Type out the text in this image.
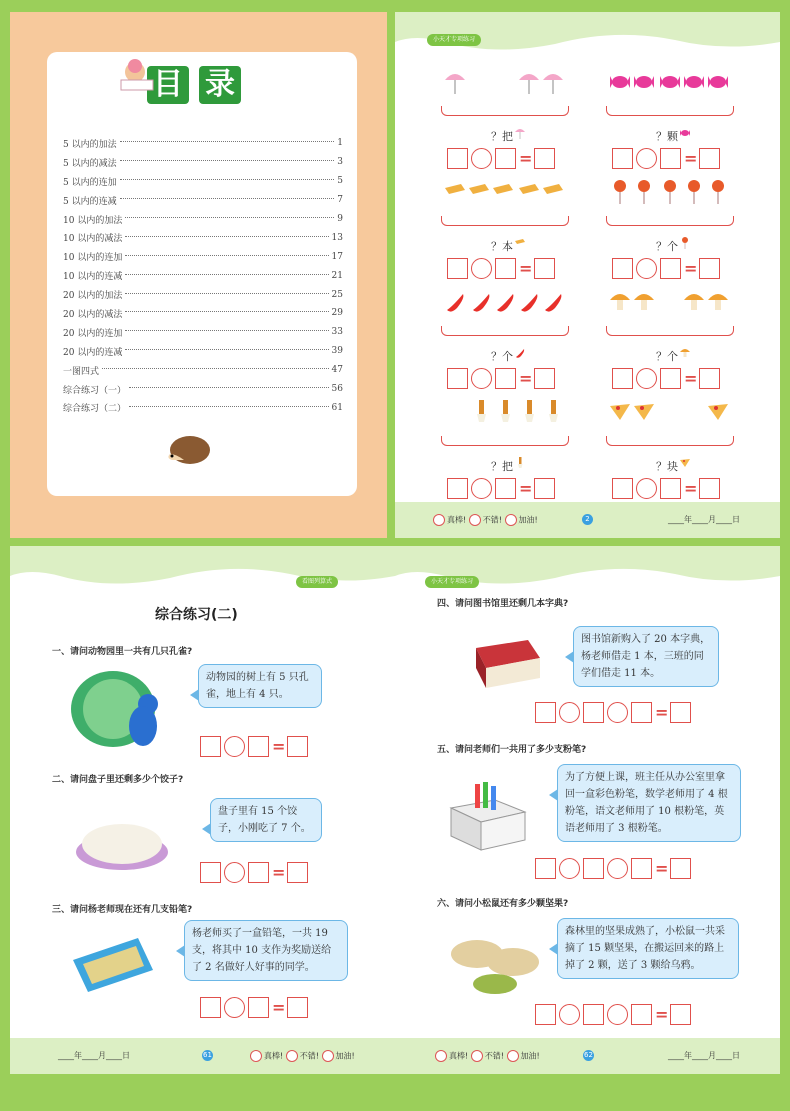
目 录
5 以内的加法	1
5 以内的减法	3
5 以内的连加	5
5 以内的连减	7
10 以内的加法	9
10 以内的减法	13
10 以内的连加	17
10 以内的连减	21
20 以内的加法	25
20 以内的减法	29
20 以内的连加	33
20 以内的连减	39
一图四式	47
综合练习（一）	56
综合练习（二）	61
小天才专项练习
？把
=
？颗
=
？本
=
？个
=
？个
=
？个
=
？把
=
？块
=
真棒! 不错! 加油!	2	____年____月____日
看图列算式
综合练习(二)
一、请问动物园里一共有几只孔雀?
动物园的树上有 5 只孔雀，地上有 4 只。
=
二、请问盘子里还剩多少个饺子?
盘子里有 15 个饺子，小刚吃了 7 个。
=
三、请问杨老师现在还有几支铅笔?
杨老师买了一盒铅笔，一共 19 支，将其中 10 支作为奖励送给了 2 名做好人好事的同学。
=
____年____月____日	61	真棒! 不错! 加油!
小天才专项练习
四、请问图书馆里还剩几本字典?
图书馆新购入了 20 本字典，杨老师借走 1 本，三班的同学们借走 11 本。
=
五、请问老师们一共用了多少支粉笔?
为了方便上课，班主任从办公室里拿回一盒彩色粉笔，数学老师用了 4 根粉笔，语文老师用了 10 根粉笔，英语老师用了 3 根粉笔。
=
六、请问小松鼠还有多少颗坚果?
森林里的坚果成熟了，小松鼠一共采摘了 15 颗坚果，在搬运回来的路上掉了 2 颗，送了 3 颗给乌鸦。
=
真棒! 不错! 加油!	62	____年____月____日
